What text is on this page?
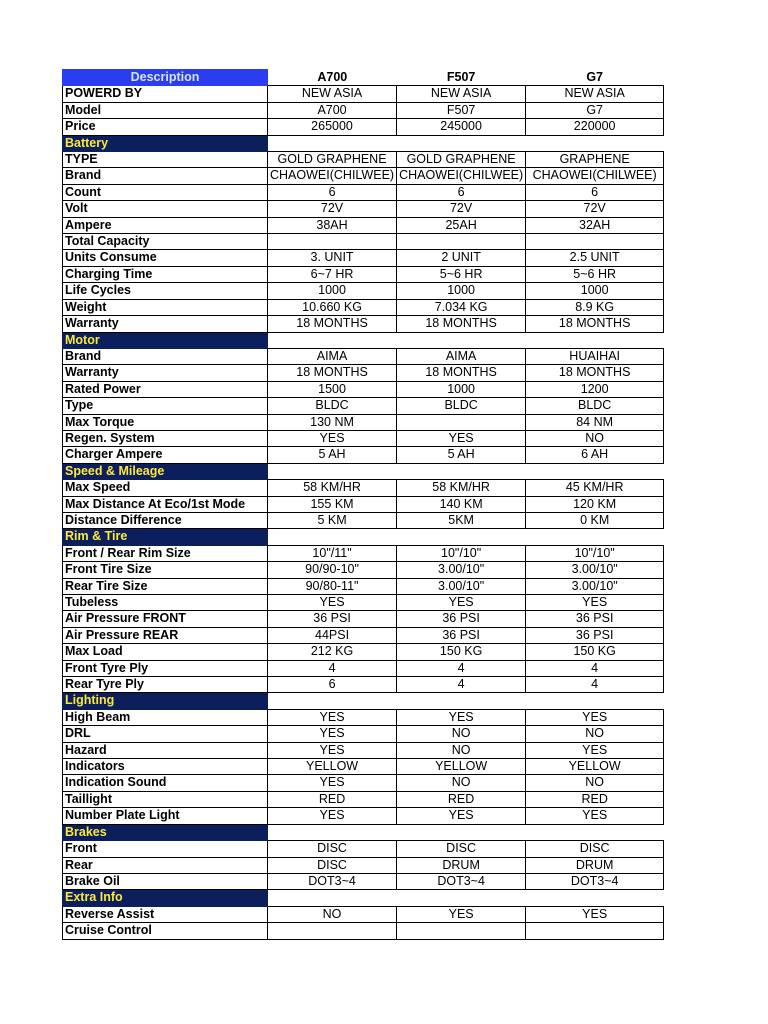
Description	A700	F507	G7
POWERD BY	NEW ASIA	NEW ASIA	NEW ASIA
Model	A700	F507	G7
Price	265000	245000	220000
Battery			
TYPE	GOLD GRAPHENE	GOLD GRAPHENE	GRAPHENE
Brand	CHAOWEI(CHILWEE)	CHAOWEI(CHILWEE)	CHAOWEI(CHILWEE)
Count	6	6	6
Volt	72V	72V	72V
Ampere	38AH	25AH	32AH
Total Capacity			
Units Consume	3. UNIT	2 UNIT	2.5 UNIT
Charging Time	6~7 HR	5~6 HR	5~6 HR
Life Cycles	1000	1000	1000
Weight	10.660 KG	7.034 KG	8.9 KG
Warranty	18 MONTHS	18 MONTHS	18 MONTHS
Motor			
Brand	AIMA	AIMA	HUAIHAI
Warranty	18 MONTHS	18 MONTHS	18 MONTHS
Rated Power	1500	1000	1200
Type	BLDC	BLDC	BLDC
Max Torque	130 NM		84 NM
Regen. System	YES	YES	NO
Charger Ampere	5 AH	5 AH	6 AH
Speed & Mileage			
Max Speed	58 KM/HR	58 KM/HR	45 KM/HR
Max Distance At Eco/1st Mode	155 KM	140 KM	120 KM
Distance Difference	5 KM	5KM	0 KM
Rim & Tire			
Front / Rear Rim Size	10"/11"	10"/10"	10"/10"
Front Tire Size	90/90-10"	3.00/10"	3.00/10"
Rear Tire Size	90/80-11"	3.00/10"	3.00/10"
Tubeless	YES	YES	YES
Air Pressure FRONT	36 PSI	36 PSI	36 PSI
Air Pressure REAR	44PSI	36 PSI	36 PSI
Max Load	212 KG	150 KG	150 KG
Front Tyre Ply	4	4	4
Rear Tyre Ply	6	4	4
Lighting			
High Beam	YES	YES	YES
DRL	YES	NO	NO
Hazard	YES	NO	YES
Indicators	YELLOW	YELLOW	YELLOW
Indication Sound	YES	NO	NO
Taillight	RED	RED	RED
Number Plate Light	YES	YES	YES
Brakes			
Front	DISC	DISC	DISC
Rear	DISC	DRUM	DRUM
Brake Oil	DOT3~4	DOT3~4	DOT3~4
Extra Info			
Reverse Assist	NO	YES	YES
Cruise Control			
